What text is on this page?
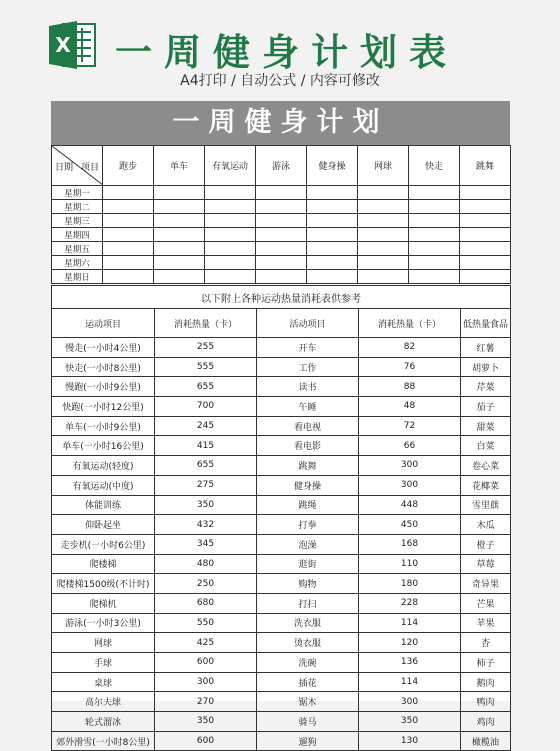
X 一周健身计划表
A4打印 / 自动公式 / 内容可修改
一周健身计划
项目
日期	跑步	单车	有氧运动	游泳	健身操	网球	快走	跳舞
星期一								
星期二								
星期三								
星期四								
星期五								
星期六								
星期日								
以下附上各种运动热量消耗表供参考				
运动项目	消耗热量（卡）	活动项目	消耗热量（卡）	低热量食品
慢走(一小时4公里)	255	开车	82	红薯
快走(一小时8公里)	555	工作	76	胡萝卜
慢跑(一小时9公里)	655	读书	88	芹菜
快跑(一小时12公里)	700	午睡	48	茄子
单车(一小时9公里)	245	看电视	72	甜菜
单车(一小时16公里)	415	看电影	66	白菜
有氧运动(轻度)	655	跳舞	300	卷心菜
有氧运动(中度)	275	健身操	300	花椰菜
体能训练	350	跳绳	448	雪里蕻
仰卧起坐	432	打拳	450	木瓜
走步机(一小时6公里)	345	泡澡	168	橙子
爬楼梯	480	逛街	110	草莓
爬楼梯1500级(不计时)	250	购物	180	奇异果
爬梯机	680	打扫	228	芒果
游泳(一小时3公里)	550	洗衣服	114	苹果
网球	425	烫衣服	120	杏
手球	600	洗碗	136	柿子
桌球	300	插花	114	鹅肉
高尔夫球	270	锯木	300	鸭肉
轮式溜冰	350	骑马	350	鸡肉
郊外滑雪(一小时8公里)	600	遛狗	130	橄榄油
